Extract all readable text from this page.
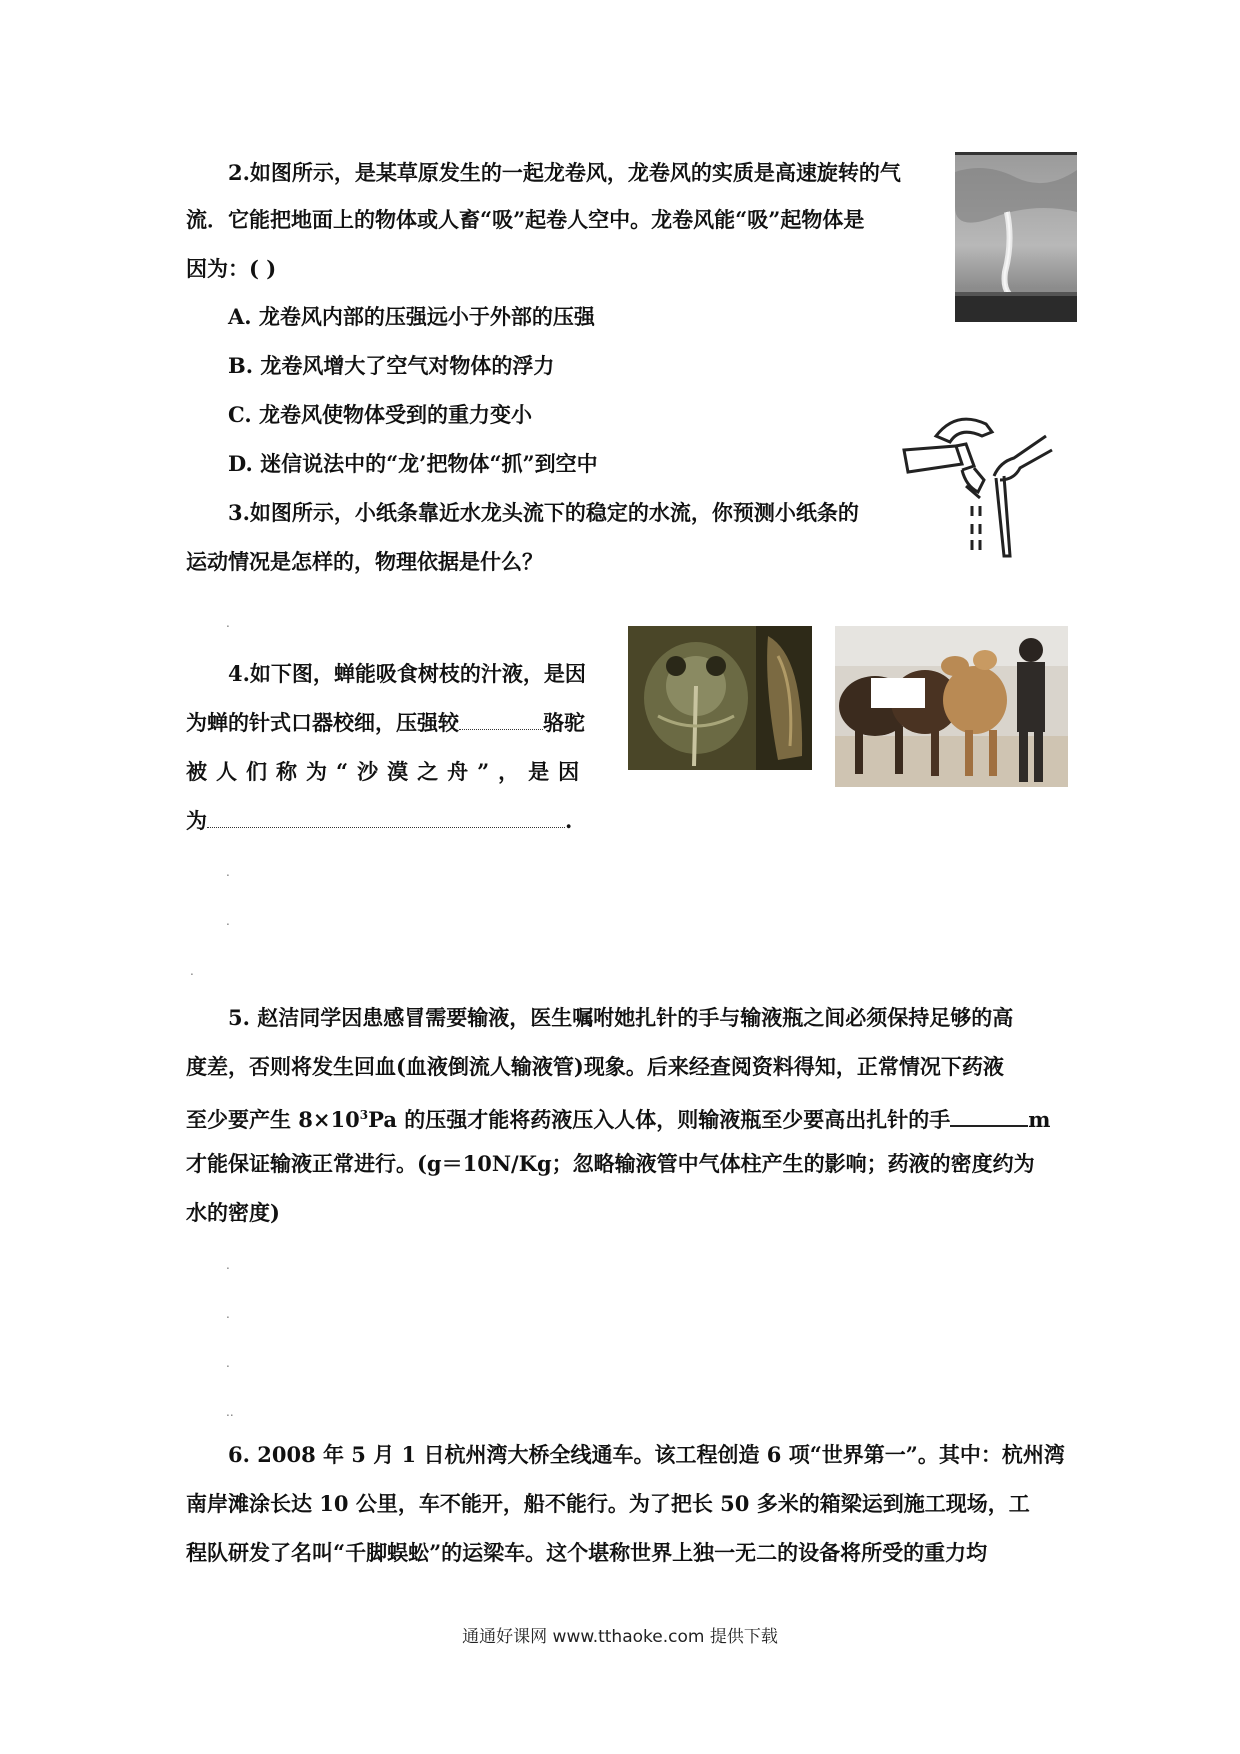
2.如图所示，是某草原发生的一起龙卷风，龙卷风的实质是高速旋转的气
流．它能把地面上的物体或人畜“吸”起卷人空中。龙卷风能“吸”起物体是
因为：( )
A. 龙卷风内部的压强远小于外部的压强
B. 龙卷风增大了空气对物体的浮力
C. 龙卷风使物体受到的重力变小
D. 迷信说法中的“龙’把物体“抓”到空中
3.如图所示，小纸条靠近水龙头流下的稳定的水流，你预测小纸条的
运动情况是怎样的，物理依据是什么？
.
4.如下图，蝉能吸食树枝的汁液，是因
为蝉的针式口器校细，压强较	骆驼
被人们称为“沙漠之舟”，是因
为	.
.
.
.
5. 赵洁同学因患感冒需要输液，医生嘱咐她扎针的手与输液瓶之间必须保持足够的高
度差，否则将发生回血(血液倒流人输液管)现象。后来经查阅资料得知，正常情况下药液
至少要产生 $8\times 10^3Pa$ 的压强才能将药液压入人体，则输液瓶至少要高出扎针的手	m
才能保证输液正常进行。(g＝10N/Kg；忽略输液管中气体柱产生的影响；药液的密度约为
水的密度)
.
.
.
..
6. 2008 年 5 月 1 日杭州湾大桥全线通车。该工程创造 6 项“世界第一”。其中：杭州湾
南岸滩涂长达 10 公里，车不能开，船不能行。为了把长 50 多米的箱梁运到施工现场，工
程队研发了名叫“千脚蜈蚣”的运梁车。这个堪称世界上独一无二的设备将所受的重力均
通通好课网 www.tthaoke.com 提供下载
